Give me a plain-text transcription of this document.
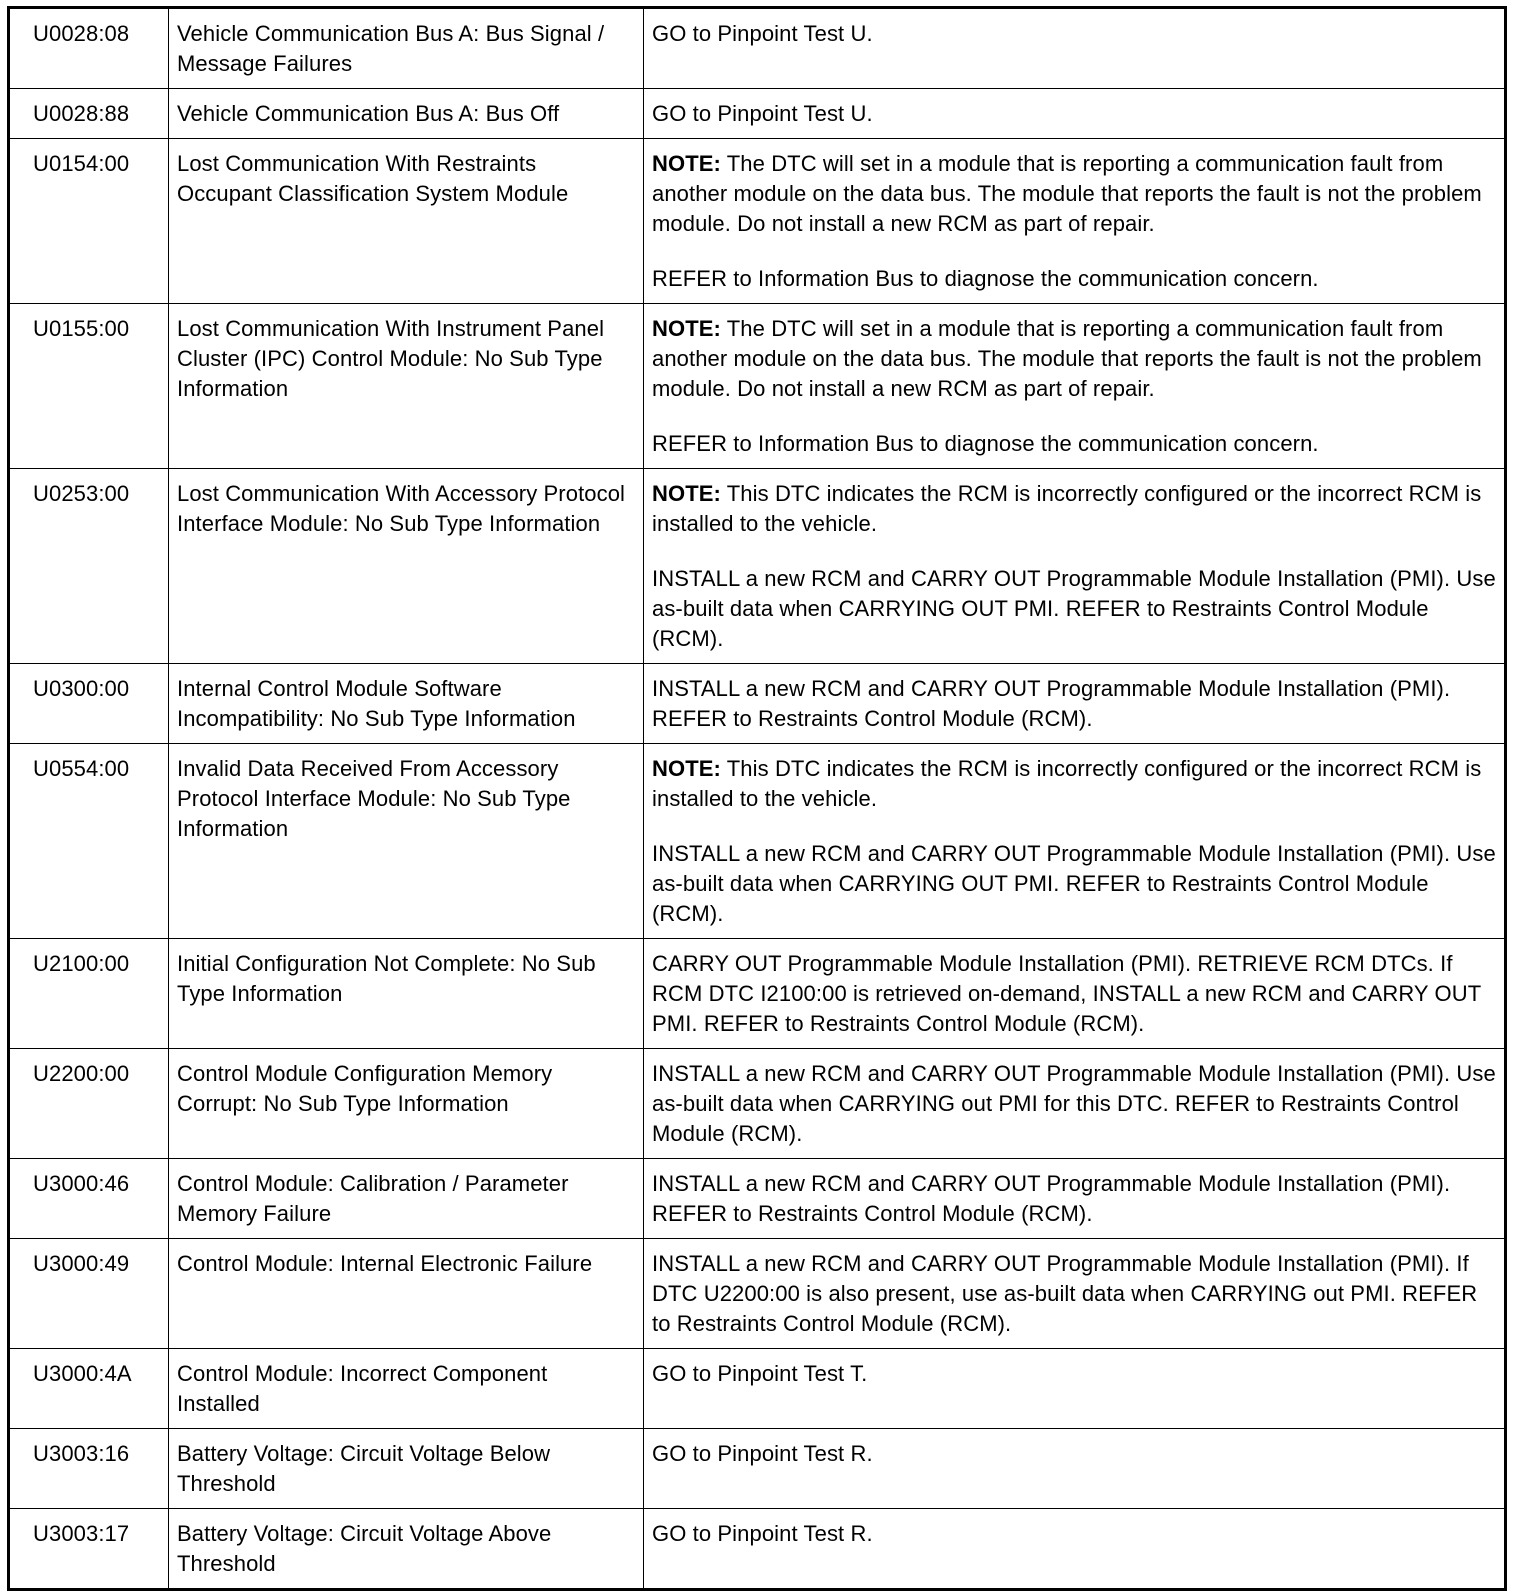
U0028:08	Vehicle Communication Bus A: Bus Signal / Message Failures	GO to Pinpoint Test U.

U0028:88	Vehicle Communication Bus A: Bus Off	GO to Pinpoint Test U.

U0154:00	Lost Communication With Restraints Occupant Classification System Module	NOTE: The DTC will set in a module that is reporting a communication fault from another module on the data bus. The module that reports the fault is not the problem module. Do not install a new RCM as part of repair.

REFER to Information Bus to diagnose the communication concern.

U0155:00	Lost Communication With Instrument Panel Cluster (IPC) Control Module: No Sub Type Information	NOTE: The DTC will set in a module that is reporting a communication fault from another module on the data bus. The module that reports the fault is not the problem module. Do not install a new RCM as part of repair.

REFER to Information Bus to diagnose the communication concern.

U0253:00	Lost Communication With Accessory Protocol Interface Module: No Sub Type Information	NOTE: This DTC indicates the RCM is incorrectly configured or the incorrect RCM is installed to the vehicle.

INSTALL a new RCM and CARRY OUT Programmable Module Installation (PMI). Use as-built data when CARRYING OUT PMI. REFER to Restraints Control Module (RCM).

U0300:00	Internal Control Module Software Incompatibility: No Sub Type Information	INSTALL a new RCM and CARRY OUT Programmable Module Installation (PMI). REFER to Restraints Control Module (RCM).

U0554:00	Invalid Data Received From Accessory Protocol Interface Module: No Sub Type Information	NOTE: This DTC indicates the RCM is incorrectly configured or the incorrect RCM is installed to the vehicle.

INSTALL a new RCM and CARRY OUT Programmable Module Installation (PMI). Use as-built data when CARRYING OUT PMI. REFER to Restraints Control Module (RCM).

U2100:00	Initial Configuration Not Complete: No Sub Type Information	CARRY OUT Programmable Module Installation (PMI). RETRIEVE RCM DTCs. If RCM DTC I2100:00 is retrieved on-demand, INSTALL a new RCM and CARRY OUT PMI. REFER to Restraints Control Module (RCM).

U2200:00	Control Module Configuration Memory Corrupt: No Sub Type Information	INSTALL a new RCM and CARRY OUT Programmable Module Installation (PMI). Use as-built data when CARRYING out PMI for this DTC. REFER to Restraints Control Module (RCM).

U3000:46	Control Module: Calibration / Parameter Memory Failure	INSTALL a new RCM and CARRY OUT Programmable Module Installation (PMI). REFER to Restraints Control Module (RCM).

U3000:49	Control Module: Internal Electronic Failure	INSTALL a new RCM and CARRY OUT Programmable Module Installation (PMI). If DTC U2200:00 is also present, use as-built data when CARRYING out PMI. REFER to Restraints Control Module (RCM).

U3000:4A	Control Module: Incorrect Component Installed	GO to Pinpoint Test T.

U3003:16	Battery Voltage: Circuit Voltage Below Threshold	GO to Pinpoint Test R.

U3003:17	Battery Voltage: Circuit Voltage Above Threshold	GO to Pinpoint Test R.
